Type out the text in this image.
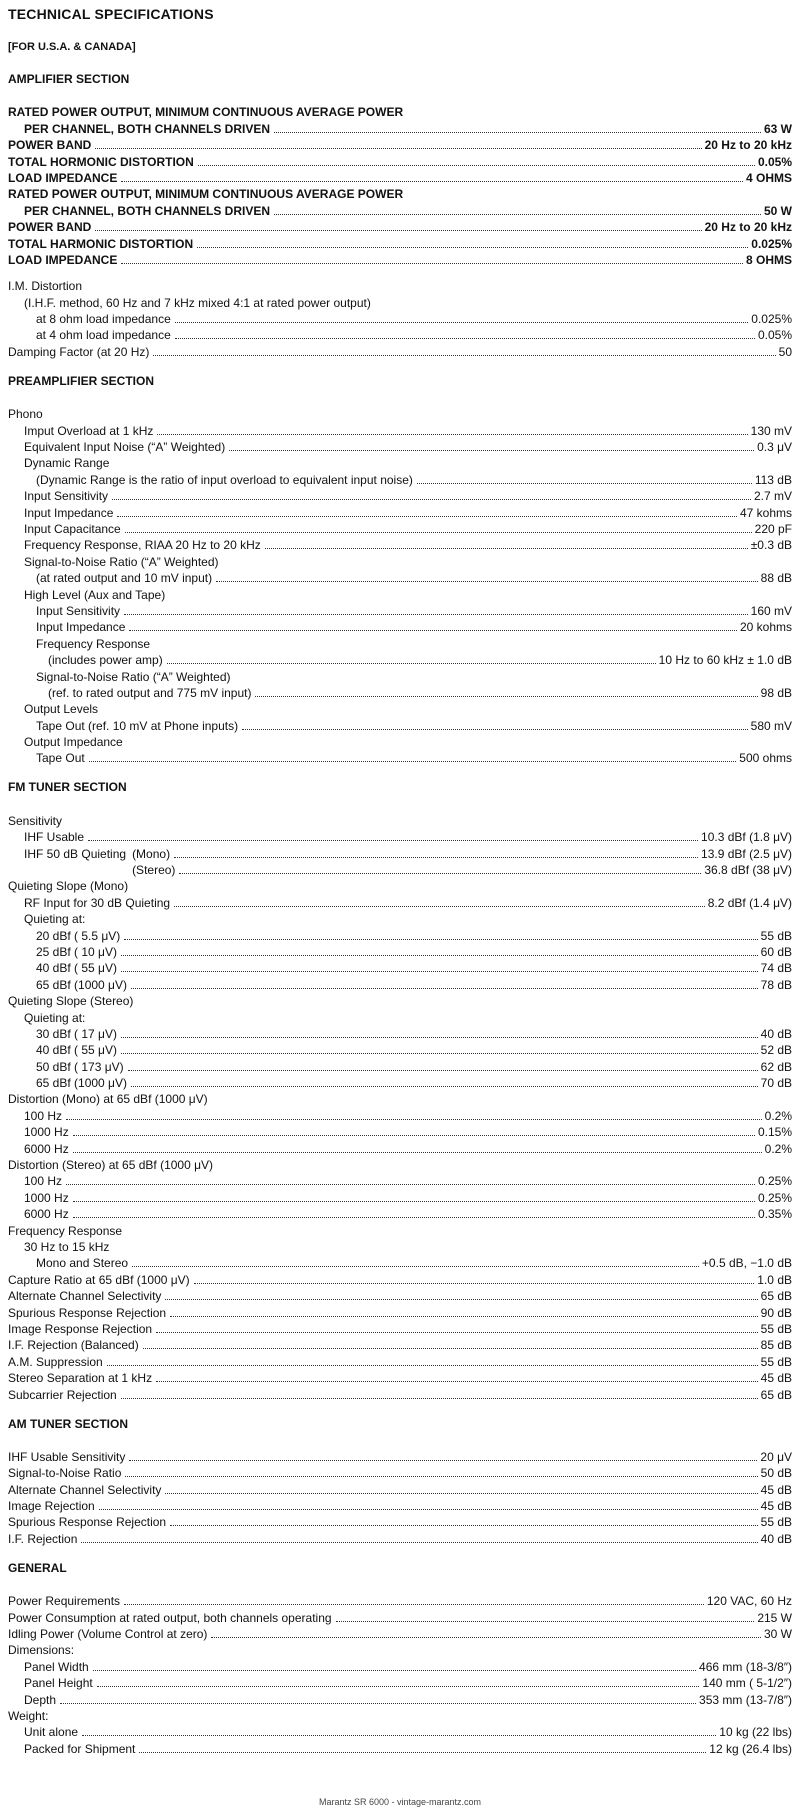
TECHNICAL SPECIFICATIONS
[FOR U.S.A. & CANADA]
AMPLIFIER SECTION
RATED POWER OUTPUT, MINIMUM CONTINUOUS AVERAGE POWER
PER CHANNEL, BOTH CHANNELS DRIVEN	63 W
POWER BAND	20 Hz to 20 kHz
TOTAL HORMONIC DISTORTION	0.05%
LOAD IMPEDANCE	4 OHMS
RATED POWER OUTPUT, MINIMUM CONTINUOUS AVERAGE POWER
PER CHANNEL, BOTH CHANNELS DRIVEN	50 W
POWER BAND	20 Hz to 20 kHz
TOTAL HARMONIC DISTORTION	0.025%
LOAD IMPEDANCE	8 OHMS
I.M. Distortion
(I.H.F. method, 60 Hz and 7 kHz mixed 4:1 at rated power output)
at 8 ohm load impedance	0.025%
at 4 ohm load impedance	0.05%
Damping Factor (at 20 Hz)	50
PREAMPLIFIER SECTION
Phono
Imput Overload at 1 kHz	130 mV
Equivalent Input Noise (“A” Weighted)	0.3 μV
Dynamic Range
(Dynamic Range is the ratio of input overload to equivalent input noise)	113 dB
Input Sensitivity	2.7 mV
Input Impedance	47 kohms
Input Capacitance	220 pF
Frequency Response, RIAA 20 Hz to 20 kHz	±0.3 dB
Signal-to-Noise Ratio (“A” Weighted)
(at rated output and 10 mV input)	88 dB
High Level (Aux and Tape)
Input Sensitivity	160 mV
Input Impedance	20 kohms
Frequency Response
(includes power amp)	10 Hz to 60 kHz ± 1.0 dB
Signal-to-Noise Ratio (“A” Weighted)
(ref. to rated output and 775 mV input)	98 dB
Output Levels
Tape Out (ref. 10 mV at Phone inputs)	580 mV
Output Impedance
Tape Out	500 ohms
FM TUNER SECTION
Sensitivity
IHF Usable	10.3 dBf (1.8 μV)
IHF 50 dB Quieting (Mono)	13.9 dBf (2.5 μV)
(Stereo)	36.8 dBf (38 μV)
Quieting Slope (Mono)
RF Input for 30 dB Quieting	8.2 dBf (1.4 μV)
Quieting at:
20 dBf ( 5.5 μV)	55 dB
25 dBf ( 10 μV)	60 dB
40 dBf ( 55 μV)	74 dB
65 dBf (1000 μV)	78 dB
Quieting Slope (Stereo)
Quieting at:
30 dBf ( 17 μV)	40 dB
40 dBf ( 55 μV)	52 dB
50 dBf ( 173 μV)	62 dB
65 dBf (1000 μV)	70 dB
Distortion (Mono) at 65 dBf (1000 μV)
100 Hz	0.2%
1000 Hz	0.15%
6000 Hz	0.2%
Distortion (Stereo) at 65 dBf (1000 μV)
100 Hz	0.25%
1000 Hz	0.25%
6000 Hz	0.35%
Frequency Response
30 Hz to 15 kHz
Mono and Stereo	+0.5 dB, −1.0 dB
Capture Ratio at 65 dBf (1000 μV)	1.0 dB
Alternate Channel Selectivity	65 dB
Spurious Response Rejection	90 dB
Image Response Rejection	55 dB
I.F. Rejection (Balanced)	85 dB
A.M. Suppression	55 dB
Stereo Separation at 1 kHz	45 dB
Subcarrier Rejection	65 dB
AM TUNER SECTION
IHF Usable Sensitivity	20 μV
Signal-to-Noise Ratio	50 dB
Alternate Channel Selectivity	45 dB
Image Rejection	45 dB
Spurious Response Rejection	55 dB
I.F. Rejection	40 dB
GENERAL
Power Requirements	120 VAC, 60 Hz
Power Consumption at rated output, both channels operating	215 W
Idling Power (Volume Control at zero)	30 W
Dimensions:
Panel Width	466 mm (18-3/8″)
Panel Height	140 mm ( 5-1/2″)
Depth	353 mm (13-7/8″)
Weight:
Unit alone	10 kg (22 lbs)
Packed for Shipment	12 kg (26.4 lbs)
Marantz SR 6000 - vintage-marantz.com
